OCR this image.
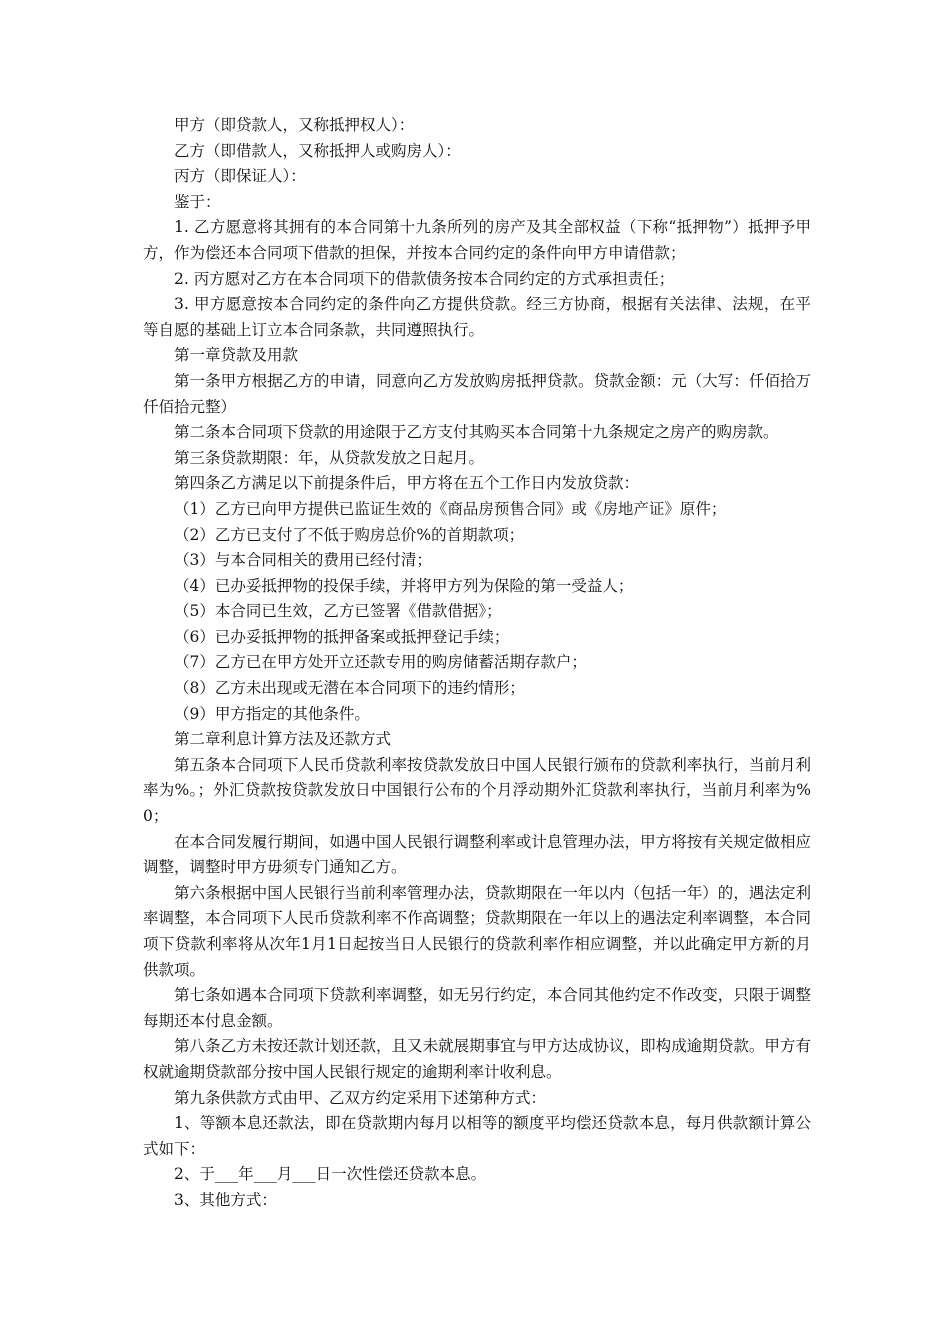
甲方（即贷款人，又称抵押权人）：

乙方（即借款人，又称抵押人或购房人）：

丙方（即保证人）：

鉴于：

1. 乙方愿意将其拥有的本合同第十九条所列的房产及其全部权益（下称“抵押物”）抵押予甲方，作为偿还本合同项下借款的担保，并按本合同约定的条件向甲方申请借款；

2. 丙方愿对乙方在本合同项下的借款债务按本合同约定的方式承担责任；

3. 甲方愿意按本合同约定的条件向乙方提供贷款。经三方协商，根据有关法律、法规，在平等自愿的基础上订立本合同条款，共同遵照执行。

第一章贷款及用款

第一条甲方根据乙方的申请，同意向乙方发放购房抵押贷款。贷款金额：元（大写：仟佰拾万仟佰拾元整）

第二条本合同项下贷款的用途限于乙方支付其购买本合同第十九条规定之房产的购房款。

第三条贷款期限：年，从贷款发放之日起月。

第四条乙方满足以下前提条件后，甲方将在五个工作日内发放贷款：

（1）乙方已向甲方提供已监证生效的《商品房预售合同》或《房地产证》原件；

（2）乙方已支付了不低于购房总价%的首期款项；

（3）与本合同相关的费用已经付清；

（4）已办妥抵押物的投保手续，并将甲方列为保险的第一受益人；

（5）本合同已生效，乙方已签署《借款借据》；

（6）已办妥抵押物的抵押备案或抵押登记手续；

（7）乙方已在甲方处开立还款专用的购房储蓄活期存款户；

（8）乙方未出现或无潜在本合同项下的违约情形；

（9）甲方指定的其他条件。

第二章利息计算方法及还款方式

第五条本合同项下人民币贷款利率按贷款发放日中国人民银行颁布的贷款利率执行，当前月利率为%。；外汇贷款按贷款发放日中国银行公布的个月浮动期外汇贷款利率执行，当前月利率为%0；

在本合同发履行期间，如遇中国人民银行调整利率或计息管理办法，甲方将按有关规定做相应调整，调整时甲方毋须专门通知乙方。

第六条根据中国人民银行当前利率管理办法，贷款期限在一年以内（包括一年）的，遇法定利率调整，本合同项下人民币贷款利率不作高调整；贷款期限在一年以上的遇法定利率调整，本合同项下贷款利率将从次年1月1日起按当日人民银行的贷款利率作相应调整，并以此确定甲方新的月供款项。

第七条如遇本合同项下贷款利率调整，如无另行约定，本合同其他约定不作改变，只限于调整每期还本付息金额。

第八条乙方未按还款计划还款，且又未就展期事宜与甲方达成协议，即构成逾期贷款。甲方有权就逾期贷款部分按中国人民银行规定的逾期利率计收利息。

第九条供款方式由甲、乙双方约定采用下述第种方式：

1、等额本息还款法，即在贷款期内每月以相等的额度平均偿还贷款本息，每月供款额计算公式如下：

2、于___年___月___日一次性偿还贷款本息。

3、其他方式：
